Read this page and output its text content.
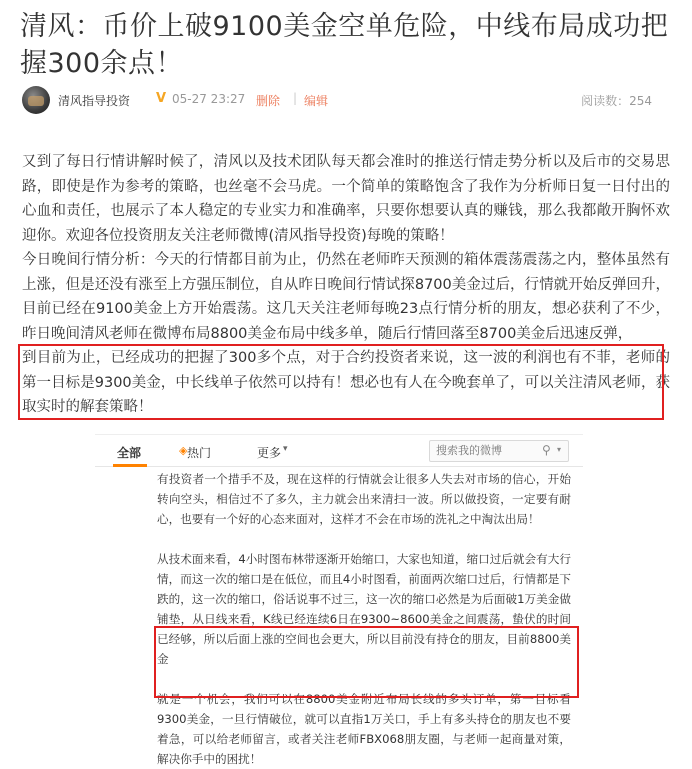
清风：币价上破9100美金空单危险，中线布局成功把握300余点！
清风指导投资 V 05-27 23:27 删除 | 编辑	阅读数：254

又到了每日行情讲解时候了，清风以及技术团队每天都会准时的推送行情走势分析以及后市的交易思路，即使是作为参考的策略，也丝毫不会马虎。一个简单的策略饱含了我作为分析师日复一日付出的心血和责任，也展示了本人稳定的专业实力和准确率，只要你想要认真的赚钱，那么我都敞开胸怀欢迎你。欢迎各位投资朋友关注老师微博(清风指导投资)每晚的策略！

今日晚间行情分析：今天的行情都目前为止，仍然在老师昨天预测的箱体震荡震荡之内，整体虽然有上涨，但是还没有涨至上方强压制位，自从昨日晚间行情试探8700美金过后，行情就开始反弹回升，目前已经在9100美金上方开始震荡。这几天关注老师每晚23点行情分析的朋友，想必获利了不少，昨日晚间清风老师在微博布局8800美金布局中线多单，随后行情回落至8700美金后迅速反弹，

到目前为止，已经成功的把握了300多个点，对于合约投资者来说，这一波的利润也有不菲，老师的第一目标是9300美金，中长线单子依然可以持有！想必也有人在今晚套单了，可以关注清风老师，获取实时的解套策略！

全部	◈ 热门	更多 ▾
搜索我的微博	⚲ ▾

有投资者一个措手不及，现在这样的行情就会让很多人失去对市场的信心，开始转向空头，相信过不了多久，主力就会出来清扫一波。所以做投资，一定要有耐心，也要有一个好的心态来面对，这样才不会在市场的洗礼之中淘汰出局！

从技术面来看，4小时图布林带逐渐开始缩口，大家也知道，缩口过后就会有大行情，而这一次的缩口是在低位，而且4小时图看，前面两次缩口过后，行情都是下跌的，这一次的缩口，俗话说事不过三，这一次的缩口必然是为后面破1万美金做铺垫，从日线来看，K线已经连续6日在9300~8600美金之间震荡，蛰伏的时间已经够，所以后面上涨的空间也会更大，所以目前没有持仓的朋友，目前8800美金

就是一个机会，我们可以在8800美金附近布局长线的多头订单，第一目标看9300美金，一旦行情破位，就可以直指1万关口，手上有多头持仓的朋友也不要着急，可以给老师留言，或者关注老师FBX068朋友圈，与老师一起商量对策，解决你手中的困扰！
